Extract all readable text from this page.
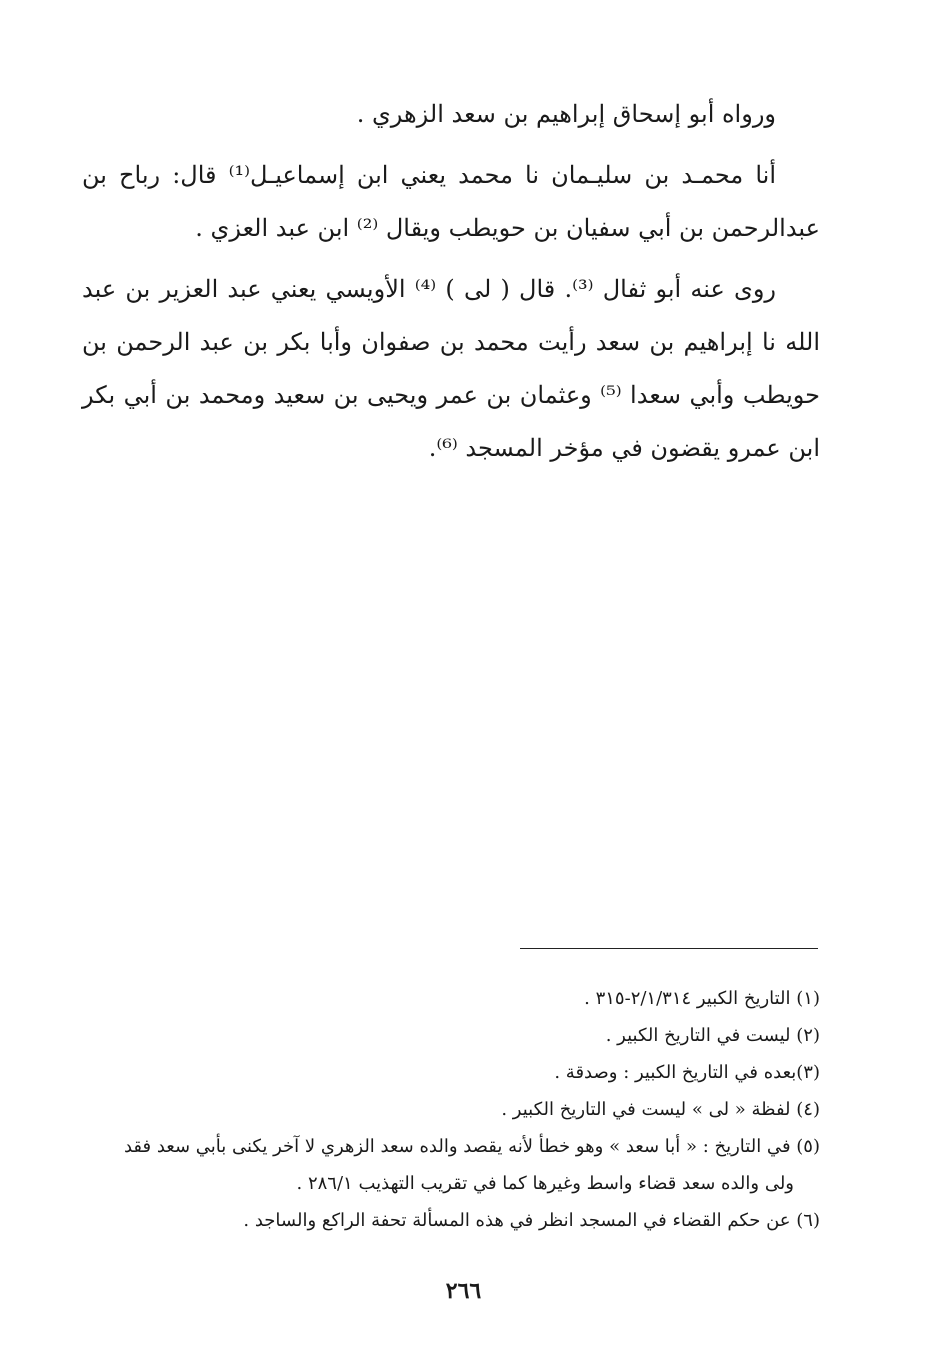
ورواه أبو إسحاق إبراهيم بن سعد الزهري .

أنا محمـد بن سليـمان نا محمد يعني ابن إسماعيـل⁽¹⁾ قال: رباح بن عبدالرحمن بن أبي سفيان بن حويطب ويقال ⁽²⁾ ابن عبد العزي .

روى عنه أبو ثفال ⁽³⁾. قال ( لى ) ⁽⁴⁾ الأويسي يعني عبد العزير بن عبد الله نا إبراهيم بن سعد رأيت محمد بن صفوان وأبا بكر بن عبد الرحمن بن حويطب وأبي سعدا ⁽⁵⁾ وعثمان بن عمر ويحيى بن سعيد ومحمد بن أبي بكر ابن عمرو يقضون في مؤخر المسجد ⁽⁶⁾.

(١) التاريخ الكبير ٢/١/٣١٤-٣١٥ .

(٢) ليست في التاريخ الكبير .

(٣)بعده في التاريخ الكبير : وصدقة .

(٤) لفظة « لى » ليست في التاريخ الكبير .

(٥) في التاريخ : « أبا سعد » وهو خطأ لأنه يقصد والده سعد الزهري لا آخر يكنى بأبي سعد فقد

ولى والده سعد قضاء واسط وغيرها كما في تقريب التهذيب ٢٨٦/١ .

(٦) عن حكم القضاء في المسجد انظر في هذه المسألة تحفة الراكع والساجد .

٢٦٦
